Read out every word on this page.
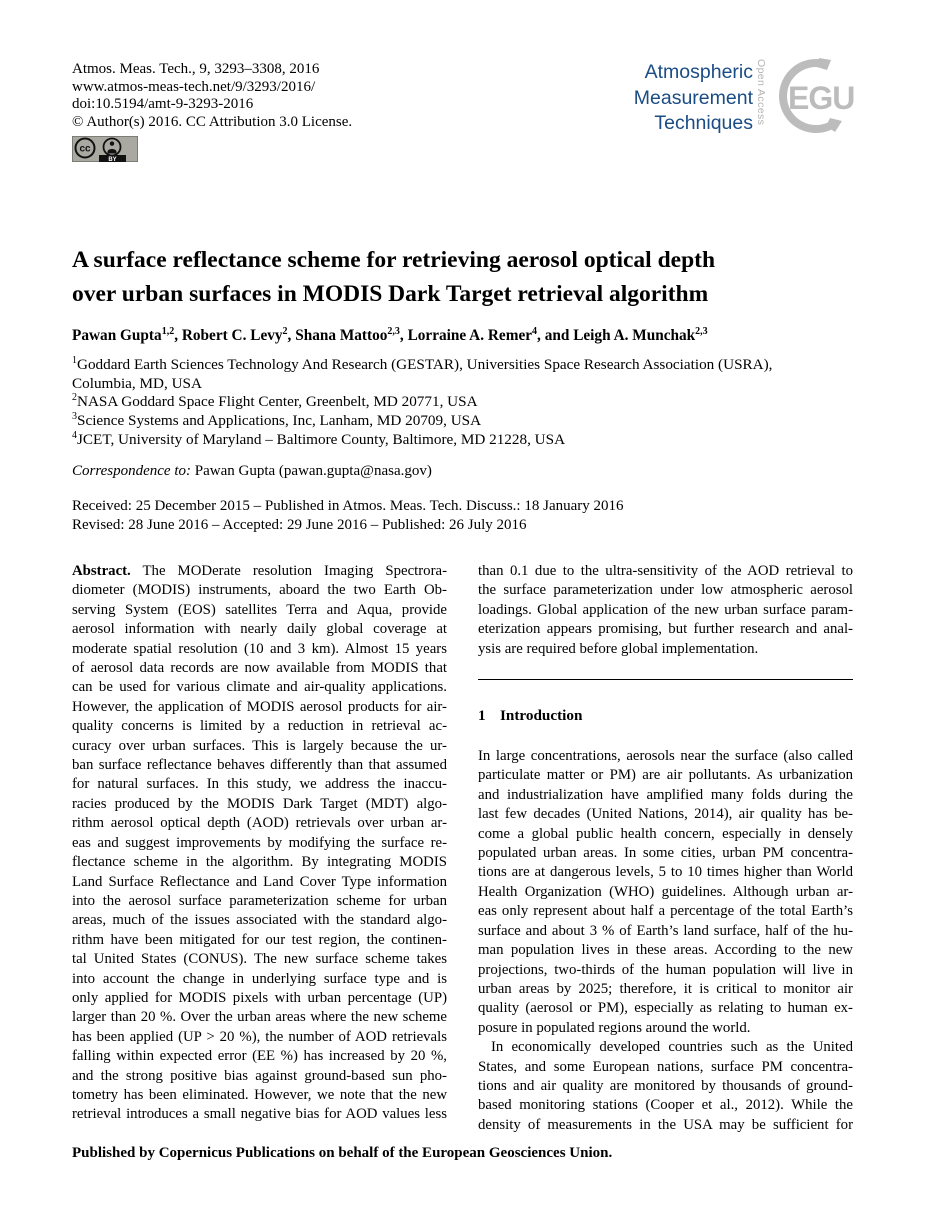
Atmos. Meas. Tech., 9, 3293–3308, 2016
www.atmos-meas-tech.net/9/3293/2016/
doi:10.5194/amt-9-3293-2016
© Author(s) 2016. CC Attribution 3.0 License.
cc
BY
Atmospheric
Measurement
Techniques Open Access EGU
A surface reflectance scheme for retrieving aerosol optical depth
over urban surfaces in MODIS Dark Target retrieval algorithm
Pawan Gupta$^{1,2}$, Robert C. Levy$^2$, Shana Mattoo$^{2,3}$, Lorraine A. Remer$^4$, and Leigh A. Munchak$^{2,3}$
$^1$Goddard Earth Sciences Technology And Research (GESTAR), Universities Space Research Association (USRA),
Columbia, MD, USA
$^2$NASA Goddard Space Flight Center, Greenbelt, MD 20771, USA
$^3$Science Systems and Applications, Inc, Lanham, MD 20709, USA
$^4$JCET, University of Maryland – Baltimore County, Baltimore, MD 21228, USA
Correspondence to: Pawan Gupta (pawan.gupta@nasa.gov)
Received: 25 December 2015 – Published in Atmos. Meas. Tech. Discuss.: 18 January 2016
Revised: 28 June 2016 – Accepted: 29 June 2016 – Published: 26 July 2016
Abstract. The MODerate resolution Imaging Spectrora-
diometer (MODIS) instruments, aboard the two Earth Ob-
serving System (EOS) satellites Terra and Aqua, provide
aerosol information with nearly daily global coverage at
moderate spatial resolution (10 and 3 km). Almost 15 years
of aerosol data records are now available from MODIS that
can be used for various climate and air-quality applications.
However, the application of MODIS aerosol products for air-
quality concerns is limited by a reduction in retrieval ac-
curacy over urban surfaces. This is largely because the ur-
ban surface reflectance behaves differently than that assumed
for natural surfaces. In this study, we address the inaccu-
racies produced by the MODIS Dark Target (MDT) algo-
rithm aerosol optical depth (AOD) retrievals over urban ar-
eas and suggest improvements by modifying the surface re-
flectance scheme in the algorithm. By integrating MODIS
Land Surface Reflectance and Land Cover Type information
into the aerosol surface parameterization scheme for urban
areas, much of the issues associated with the standard algo-
rithm have been mitigated for our test region, the continen-
tal United States (CONUS). The new surface scheme takes
into account the change in underlying surface type and is
only applied for MODIS pixels with urban percentage (UP)
larger than 20 %. Over the urban areas where the new scheme
has been applied (UP > 20 %), the number of AOD retrievals
falling within expected error (EE %) has increased by 20 %,
and the strong positive bias against ground-based sun pho-
tometry has been eliminated. However, we note that the new
retrieval introduces a small negative bias for AOD values less
than 0.1 due to the ultra-sensitivity of the AOD retrieval to
the surface parameterization under low atmospheric aerosol
loadings. Global application of the new urban surface param-
eterization appears promising, but further research and anal-
ysis are required before global implementation.
1 Introduction
In large concentrations, aerosols near the surface (also called
particulate matter or PM) are air pollutants. As urbanization
and industrialization have amplified many folds during the
last few decades (United Nations, 2014), air quality has be-
come a global public health concern, especially in densely
populated urban areas. In some cities, urban PM concentra-
tions are at dangerous levels, 5 to 10 times higher than World
Health Organization (WHO) guidelines. Although urban ar-
eas only represent about half a percentage of the total Earth’s
surface and about 3 % of Earth’s land surface, half of the hu-
man population lives in these areas. According to the new
projections, two-thirds of the human population will live in
urban areas by 2025; therefore, it is critical to monitor air
quality (aerosol or PM), especially as relating to human ex-
posure in populated regions around the world.
In economically developed countries such as the United
States, and some European nations, surface PM concentra-
tions and air quality are monitored by thousands of ground-
based monitoring stations (Cooper et al., 2012). While the
density of measurements in the USA may be sufficient for
Published by Copernicus Publications on behalf of the European Geosciences Union.
